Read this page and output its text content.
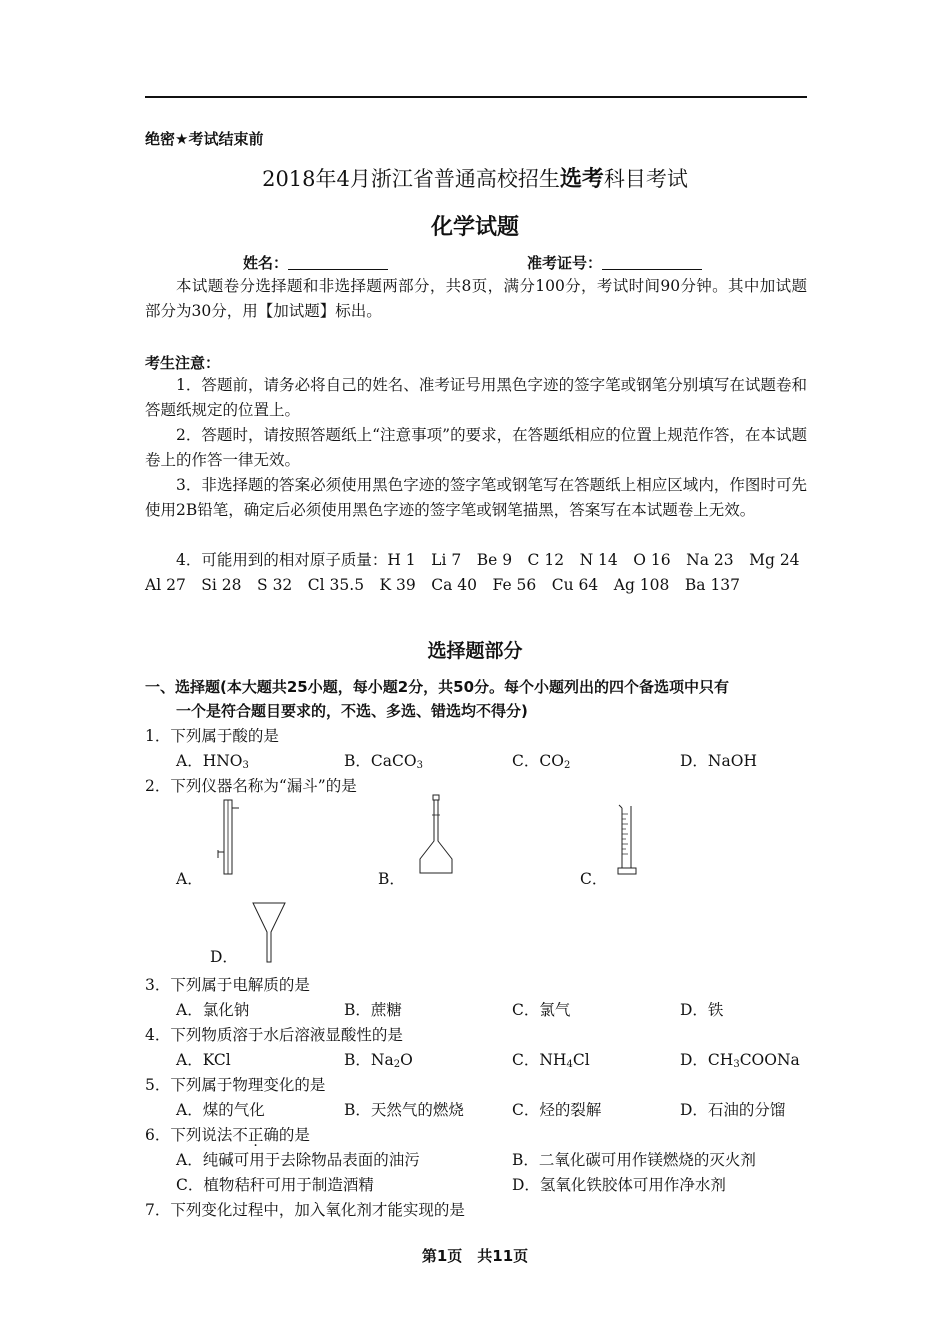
绝密★考试结束前
2018年4月浙江省普通高校招生选考科目考试
化学试题
姓名：	准考证号：
本试题卷分选择题和非选择题两部分，共8页，满分100分，考试时间90分钟。其中加试题部分为30分，用【加试题】标出。
考生注意：
1．答题前，请务必将自己的姓名、准考证号用黑色字迹的签字笔或钢笔分别填写在试题卷和答题纸规定的位置上。
2．答题时，请按照答题纸上“注意事项”的要求，在答题纸相应的位置上规范作答，在本试题卷上的作答一律无效。
3．非选择题的答案必须使用黑色字迹的签字笔或钢笔写在答题纸上相应区域内，作图时可先使用2B铅笔，确定后必须使用黑色字迹的签字笔或钢笔描黑，答案写在本试题卷上无效。
4．可能用到的相对原子质量：H 1　Li 7　Be 9　C 12　N 14　O 16　Na 23　Mg 24
Al 27　Si 28　S 32　Cl 35.5　K 39　Ca 40　Fe 56　Cu 64　Ag 108　Ba 137
选择题部分
一、选择题(本大题共25小题，每小题2分，共50分。每个小题列出的四个备选项中只有
一个是符合题目要求的，不选、多选、错选均不得分)
1．下列属于酸的是
A．$HNO_3$	B．CaCO$_3$	C．$CO_2$	D．NaOH
2．下列仪器名称为“漏斗”的是
A．	B．	C．
D．
3．下列属于电解质的是
A．氯化钠	B．蔗糖	C．氯气	D．铁
4．下列物质溶于水后溶液显酸性的是
A．KCl	B．$Na_2O$	C．$NH_4Cl$	D．$CH_3COONa$
5．下列属于物理变化的是
A．煤的气化	B．天然气的燃烧	C．烃的裂解	D．石油的分馏
6．下列说法不正确的是
A．纯碱可用于去除物品表面的油污	B．二氧化碳可用作镁燃烧的灭火剂
C．植物秸秆可用于制造酒精	D．氢氧化铁胶体可用作净水剂
7．下列变化过程中，加入氧化剂才能实现的是
第1页　共11页
